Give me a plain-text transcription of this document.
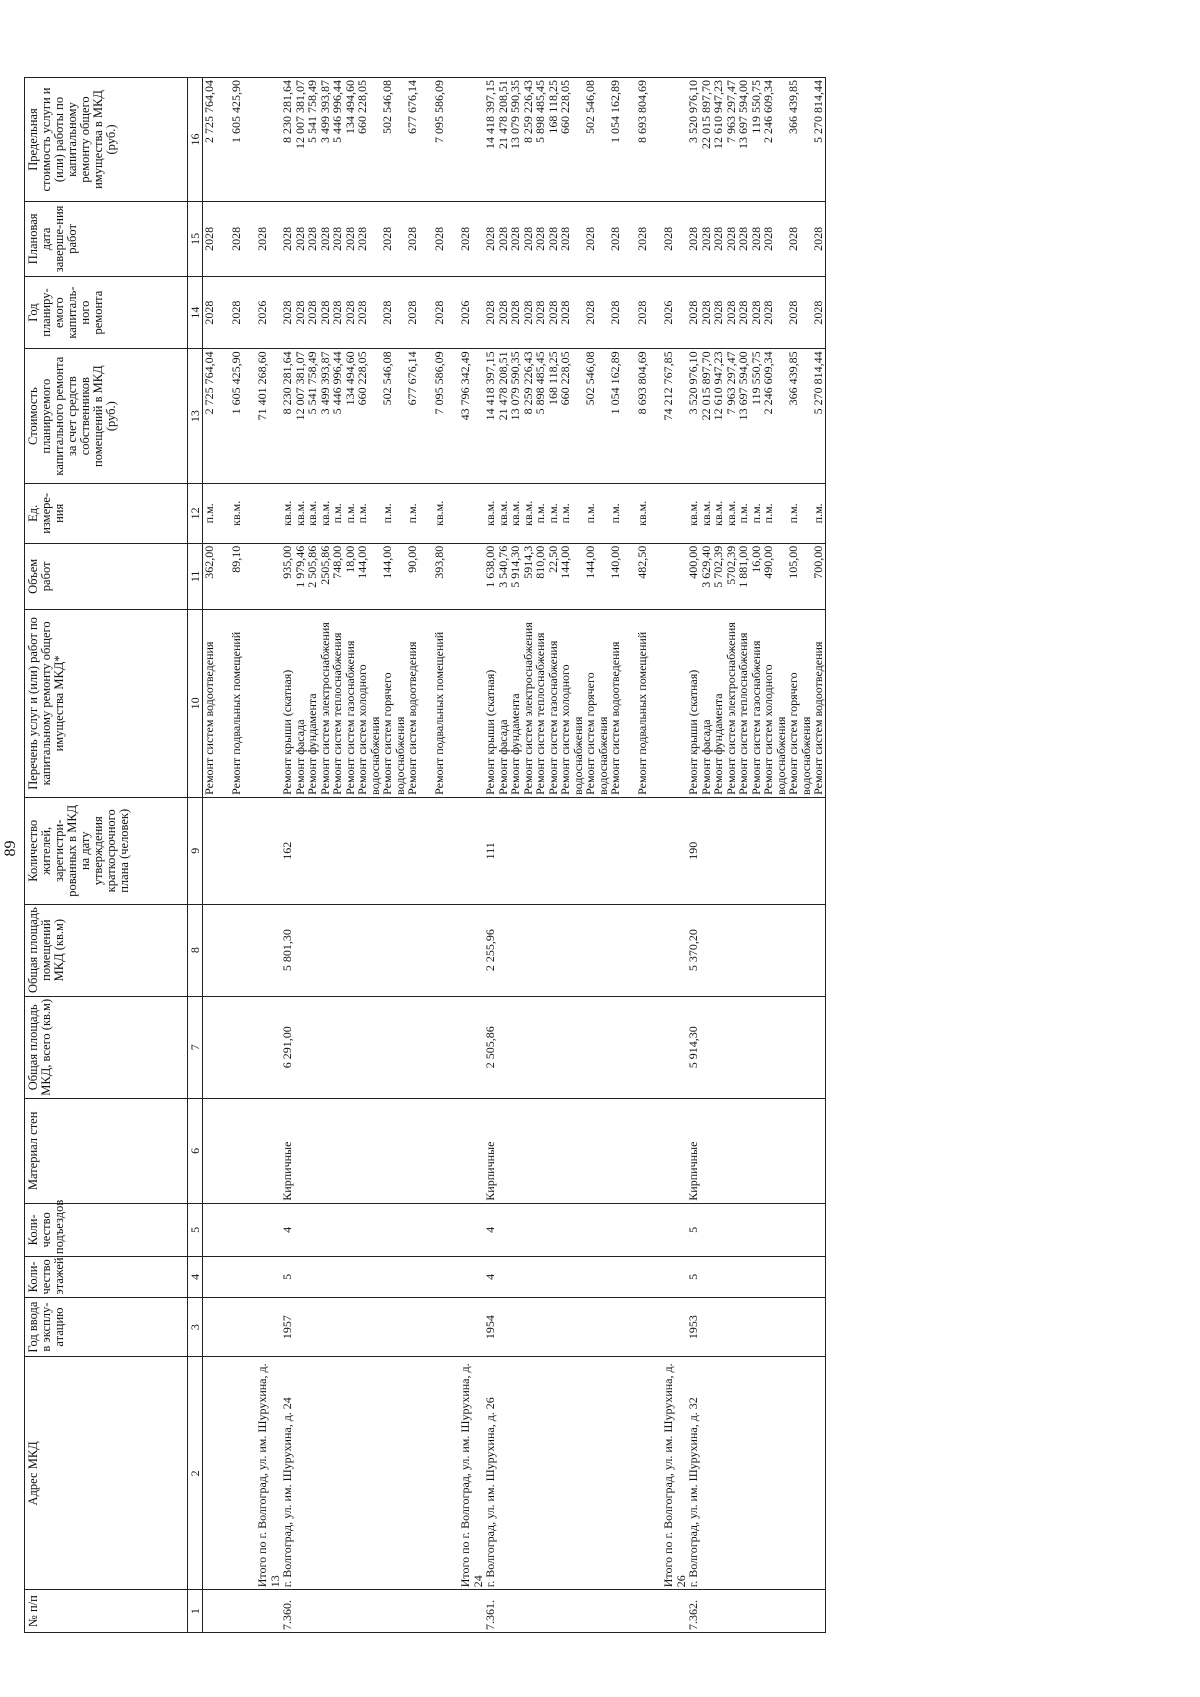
89
№ п/п	Адрес МКД	Год ввода в эксплу-атацию	Коли-чество этажей	Коли-чество подъездов	Материал стен	Общая площадь МКД, всего (кв.м)	Общая площадь помещений МКД (кв.м)	Количество жителей, зарегистри-рованных в МКД на дату утверждения краткосрочного плана (человек)	Перечень услуг и (или) работ по капитальному ремонту общего имущества МКД*	Объем работ	Ед. измере-ния	Стоимость планируемого капитального ремонта за счет средств собственников помещений в МКД (руб.)	Год планиру-емого капиталь-ного ремонта	Плановая дата заверше-ния работ	Предельная стоимость услуги и (или) работы по капитальному ремонту общего имущества в МКД (руб.)
1	2	3	4	5	6	7	8	9	10	11	12	13	14	15	16
									Ремонт систем водоотведения	362,00	п.м.	2 725 764,04	2028	2028	2 725 764,04

									Ремонт подвальных помещений	89,10	кв.м.	1 605 425,90	2028	2028	1 605 425,90

	Итого по г. Волгоград, ул. им. Шурухина, д. 13											71 401 268,60	2026	2028	
7.360.	г. Волгоград, ул. им. Шурухина, д. 24	1957	5	4	Кирпичные	6 291,00	5 801,30	162	Ремонт крыши (скатная)	935,00	кв.м.	8 230 281,64	2028	2028	8 230 281,64
									Ремонт фасада	1 979,46	кв.м.	12 007 381,07	2028	2028	12 007 381,07
									Ремонт фундамента	2 505,86	кв.м.	5 541 758,49	2028	2028	5 541 758,49
									Ремонт систем электроснабжения	2505,86	кв.м.	3 499 393,87	2028	2028	3 499 393,87
									Ремонт систем теплоснабжения	748,00	п.м.	5 446 996,44	2028	2028	5 446 996,44
									Ремонт систем газоснабжения	18,00	п.м.	134 494,60	2028	2028	134 494,60
									Ремонт систем холодного водоснабжения	144,00	п.м.	660 228,05	2028	2028	660 228,05
									Ремонт систем горячего водоснабжения	144,00	п.м.	502 546,08	2028	2028	502 546,08
									Ремонт систем водоотведения	90,00	п.м.	677 676,14	2028	2028	677 676,14

									Ремонт подвальных помещений	393,80	кв.м.	7 095 586,09	2028	2028	7 095 586,09

	Итого по г. Волгоград, ул. им. Шурухина, д. 24											43 796 342,49	2026	2028	
7.361.	г. Волгоград, ул. им. Шурухина, д. 26	1954	4	4	Кирпичные	2 505,86	2 255,96	111	Ремонт крыши (скатная)	1 638,00	кв.м.	14 418 397,15	2028	2028	14 418 397,15
									Ремонт фасада	3 540,76	кв.м.	21 478 208,51	2028	2028	21 478 208,51
									Ремонт фундамента	5 914,30	кв.м.	13 079 590,35	2028	2028	13 079 590,35
									Ремонт систем электроснабжения	5914,3	кв.м.	8 259 226,43	2028	2028	8 259 226,43
									Ремонт систем теплоснабжения	810,00	п.м.	5 898 485,45	2028	2028	5 898 485,45
									Ремонт систем газоснабжения	22,50	п.м.	168 118,25	2028	2028	168 118,25
									Ремонт систем холодного водоснабжения	144,00	п.м.	660 228,05	2028	2028	660 228,05
									Ремонт систем горячего водоснабжения	144,00	п.м.	502 546,08	2028	2028	502 546,08
									Ремонт систем водоотведения	140,00	п.м.	1 054 162,89	2028	2028	1 054 162,89

									Ремонт подвальных помещений	482,50	кв.м.	8 693 804,69	2028	2028	8 693 804,69

	Итого по г. Волгоград, ул. им. Шурухина, д. 26											74 212 767,85	2026	2028	
7.362.	г. Волгоград, ул. им. Шурухина, д. 32	1953	5	5	Кирпичные	5 914,30	5 370,20	190	Ремонт крыши (скатная)	400,00	кв.м.	3 520 976,10	2028	2028	3 520 976,10
									Ремонт фасада	3 629,40	кв.м.	22 015 897,70	2028	2028	22 015 897,70
									Ремонт фундамента	5 702,39	кв.м.	12 610 947,23	2028	2028	12 610 947,23
									Ремонт систем электроснабжения	5702,39	кв.м.	7 963 297,47	2028	2028	7 963 297,47
									Ремонт систем теплоснабжения	1 881,00	п.м.	13 697 594,00	2028	2028	13 697 594,00
									Ремонт систем газоснабжения	16,00	п.м.	119 550,75	2028	2028	119 550,75
									Ремонт систем холодного водоснабжения	490,00	п.м.	2 246 609,34	2028	2028	2 246 609,34
									Ремонт систем горячего водоснабжения	105,00	п.м.	366 439,85	2028	2028	366 439,85
									Ремонт систем водоотведения	700,00	п.м.	5 270 814,44	2028	2028	5 270 814,44
